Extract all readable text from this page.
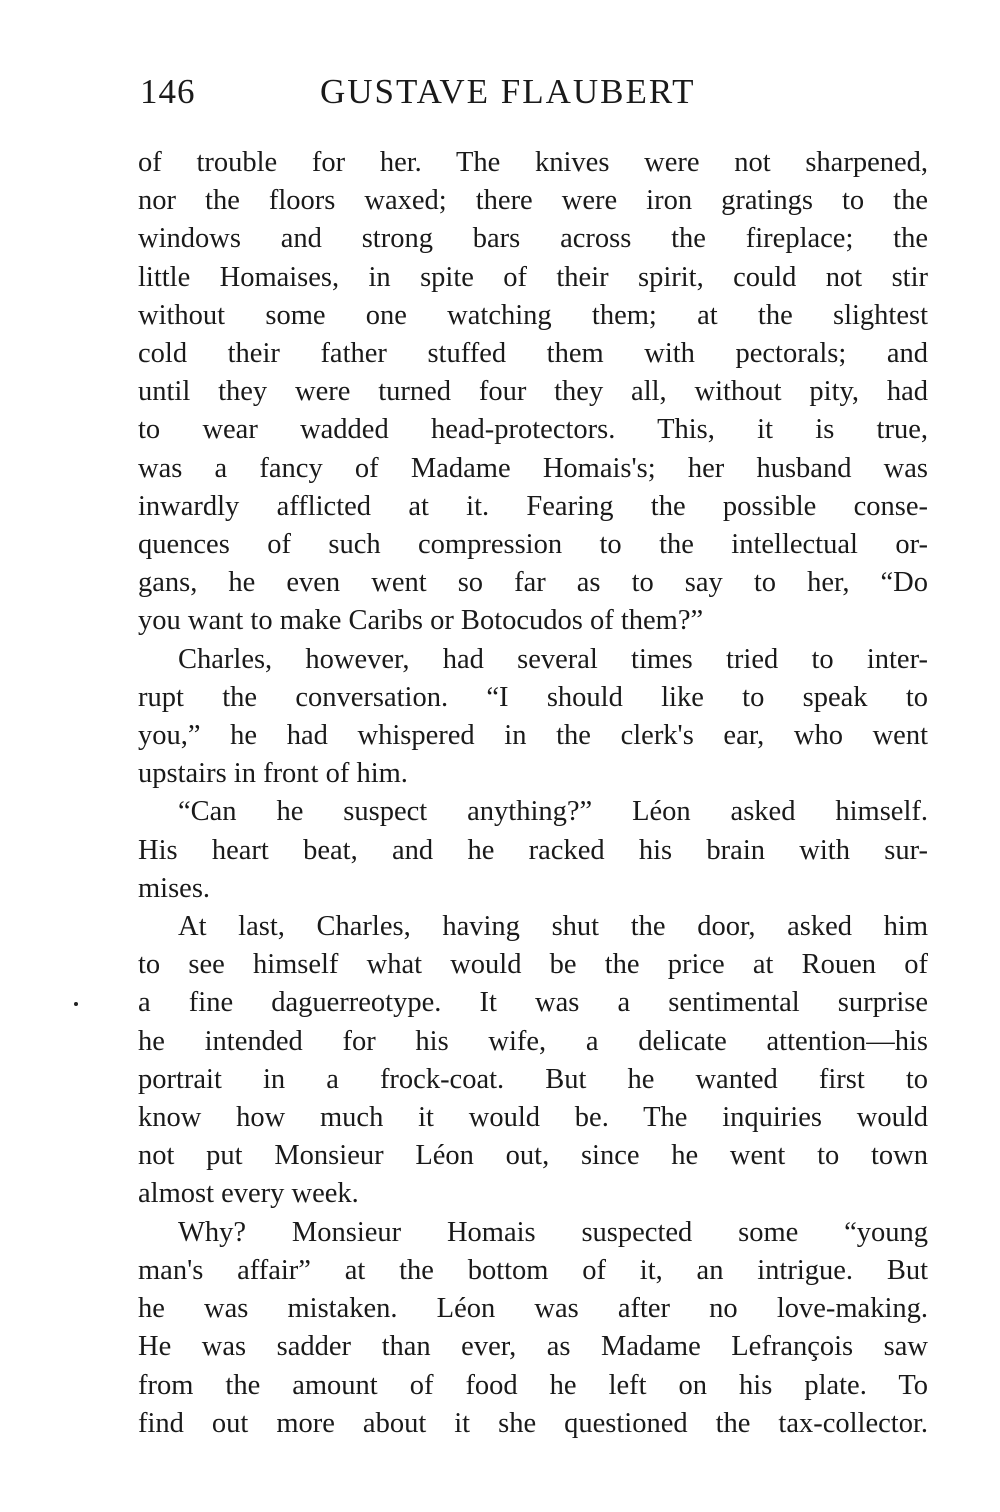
146	GUSTAVE FLAUBERT
of trouble for her. The knives were not sharpened,
nor the floors waxed; there were iron gratings to the
windows and strong bars across the fireplace; the
little Homaises, in spite of their spirit, could not stir
without some one watching them; at the slightest
cold their father stuffed them with pectorals; and
until they were turned four they all, without pity, had
to wear wadded head-protectors. This, it is true,
was a fancy of Madame Homais's; her husband was
inwardly afflicted at it. Fearing the possible conse-
quences of such compression to the intellectual or-
gans, he even went so far as to say to her, “Do
you want to make Caribs or Botocudos of them?”
Charles, however, had several times tried to inter-
rupt the conversation. “I should like to speak to
you,” he had whispered in the clerk's ear, who went
upstairs in front of him.
“Can he suspect anything?” Léon asked himself.
His heart beat, and he racked his brain with sur-
mises.
At last, Charles, having shut the door, asked him
to see himself what would be the price at Rouen of
a fine daguerreotype. It was a sentimental surprise
he intended for his wife, a delicate attention—his
portrait in a frock-coat. But he wanted first to
know how much it would be. The inquiries would
not put Monsieur Léon out, since he went to town
almost every week.
Why? Monsieur Homais suspected some “young
man's affair” at the bottom of it, an intrigue. But
he was mistaken. Léon was after no love-making.
He was sadder than ever, as Madame Lefrançois saw
from the amount of food he left on his plate. To
find out more about it she questioned the tax-collector.
